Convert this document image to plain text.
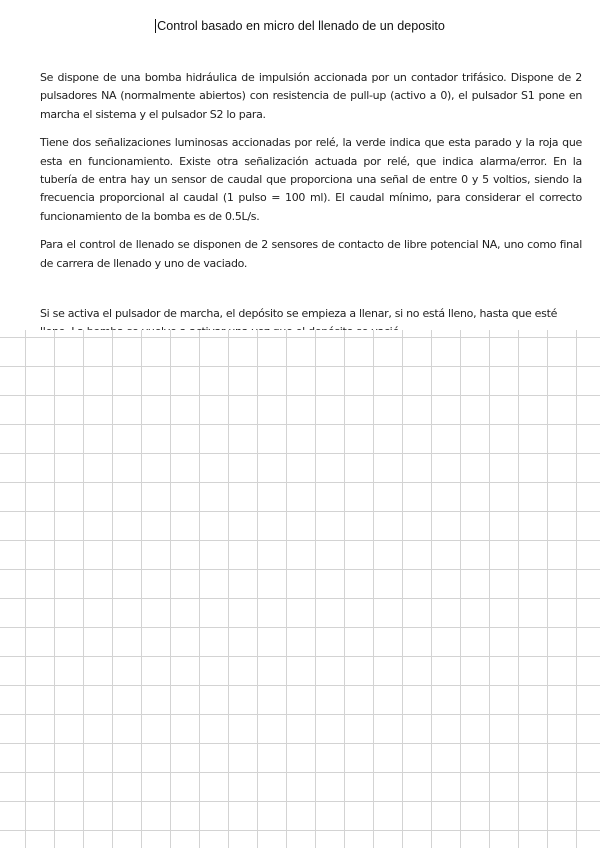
Control basado en micro del llenado de un deposito

Se dispone de una bomba hidráulica de impulsión accionada por un contador trifásico. Dispone de 2 pulsadores NA (normalmente abiertos) con resistencia de pull-up (activo a 0), el pulsador S1 pone en marcha el sistema y el pulsador S2 lo para.

Tiene dos señalizaciones luminosas accionadas por relé, la verde indica que esta parado y la roja que esta en funcionamiento. Existe otra señalización actuada por relé, que indica alarma/error. En la tubería de entra hay un sensor de caudal que proporciona una señal de entre 0 y 5 voltios, siendo la frecuencia proporcional al caudal (1 pulso = 100 ml). El caudal mínimo, para considerar el correcto funcionamiento de la bomba es de 0.5L/s.

Para el control de llenado se disponen de 2 sensores de contacto de libre potencial NA, uno como final de carrera de llenado y uno de vaciado.

Si se activa el pulsador de marcha, el depósito se empieza a llenar, si no está lleno, hasta que esté
